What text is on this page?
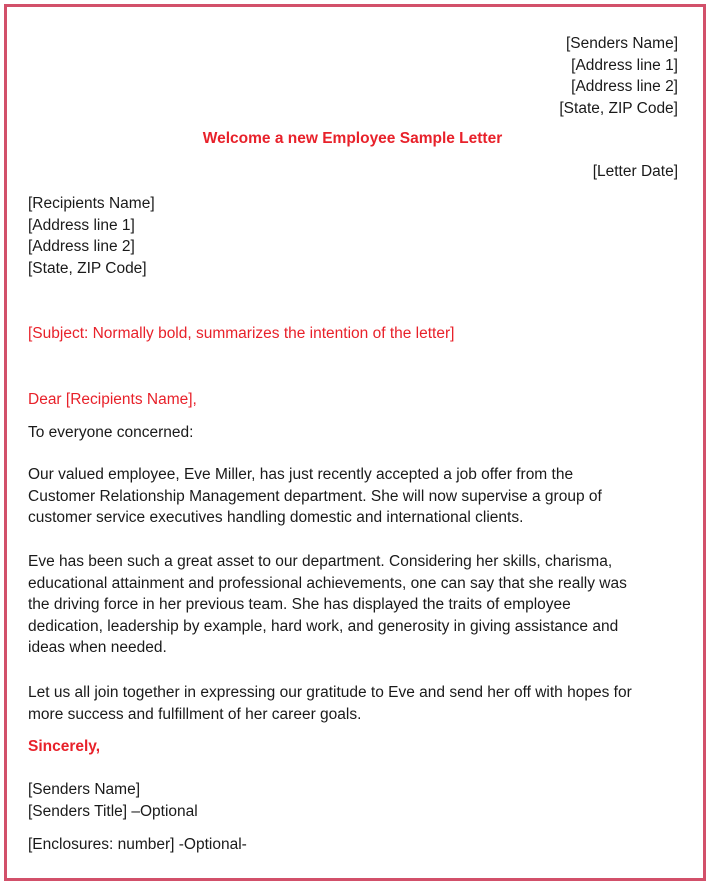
[Senders Name]
[Address line 1]
[Address line 2]
[State, ZIP Code]
Welcome a new Employee Sample Letter
[Letter Date]
[Recipients Name]
[Address line 1]
[Address line 2]
[State, ZIP Code]
[Subject: Normally bold, summarizes the intention of the letter]
Dear [Recipients Name],
To everyone concerned:
Our valued employee, Eve Miller, has just recently accepted a job offer from the
Customer Relationship Management department. She will now supervise a group of
customer service executives handling domestic and international clients.
Eve has been such a great asset to our department. Considering her skills, charisma,
educational attainment and professional achievements, one can say that she really was
the driving force in her previous team. She has displayed the traits of employee
dedication, leadership by example, hard work, and generosity in giving assistance and
ideas when needed.
Let us all join together in expressing our gratitude to Eve and send her off with hopes for
more success and fulfillment of her career goals.
Sincerely,
[Senders Name]
[Senders Title] –Optional
[Enclosures: number] -Optional-
